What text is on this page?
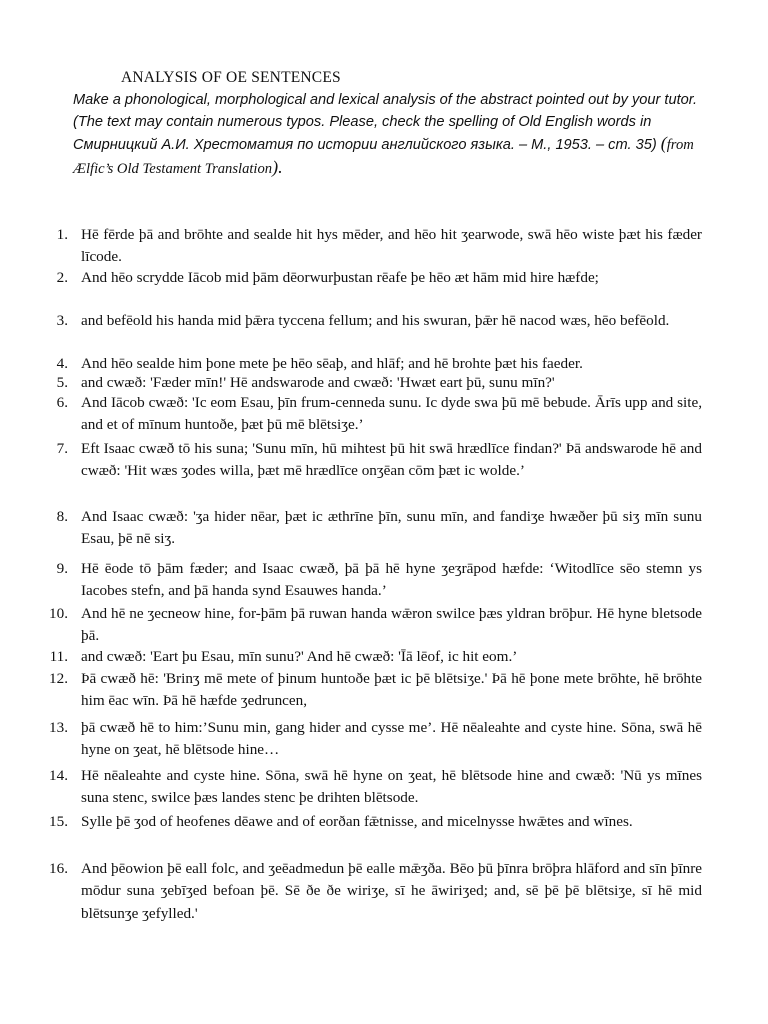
ANALYSIS OF OE SENTENCES

Make a phonological, morphological and lexical analysis of the abstract pointed out by your tutor. (The text may contain numerous typos. Please, check the spelling of Old English words in Смирницкий А.И. Хрестоматия по истории английского языка. – М., 1953. – ст. 35) (from Ælfic’s Old Testament Translation).

1. Hē fērde þā and brōhte and sealde hit hys mēder, and hēo hit ʒearwode, swā hēo wiste þæt his fæder līcode.
2. And hēo scrydde Iācob mid þām dēorwurþustan rēafe þe hēo æt hām mid hire hæfde;
3. and befēold his handa mid þǣra tyccena fellum; and his swuran, þǣr hē nacod wæs, hēo befēold.
4. And hēo sealde him þone mete þe hēo sēaþ, and hlāf; and hē brohte þæt his faeder.
5. and cwæð: 'Fæder mīn!' Hē andswarode and cwæð: 'Hwæt eart þū, sunu mīn?'
6. And Iācob cwæð: 'Ic eom Esau, þīn frum-cenneda sunu. Ic dyde swa þū mē bebude. Ārīs upp and site, and et of mīnum huntoðe, þæt þū mē blētsiʒe.’
7. Eft Isaac cwæð tō his suna; 'Sunu mīn, hū mihtest þū hit swā hrædlīce findan?' Þā andswarode hē and cwæð: 'Hit wæs ʒodes willa, þæt mē hrædlīce onʒēan cōm þæt ic wolde.’
8. And Isaac cwæð: 'ʒa hider nēar, þæt ic æthrīne þīn, sunu mīn, and fandiʒe hwæðer þū siʒ mīn sunu Esau, þē nē siʒ.
9. Hē ēode tō þām fæder; and Isaac cwæð, þā þā hē hyne ʒeʒrāpod hæfde: ‘Witodlīce sēo stemn ys Iacobes stefn, and þā handa synd Esauwes handa.’
10. And hē ne ʒecneow hine, for-þām þā ruwan handa wǣron swilce þæs yldran brōþur. Hē hyne bletsode þā.
11. and cwæð: 'Eart þu Esau, mīn sunu?' And hē cwæð: 'Īā lēof, ic hit eom.’
12. Þā cwæð hē: 'Brinʒ mē mete of þinum huntoðe þæt ic þē blētsiʒe.' Þā hē þone mete brōhte, hē brōhte him ēac wīn. Þā hē hæfde ʒedruncen,
13. þā cwæð hē to him:’Sunu min, gang hider and cysse me’. Hē nēaleahte and cyste hine. Sōna, swā hē hyne on ʒeat, hē blētsode hine…
14. Hē nēaleahte and cyste hine. Sōna, swā hē hyne on ʒeat, hē blētsode hine and cwæð: 'Nū ys mīnes suna stenc, swilce þæs landes stenc þe drihten blētsode.
15. Sylle þē ʒod of heofenes dēawe and of eorðan fǣtnisse, and micelnysse hwǣtes and wīnes.
16. And þēowion þē eall folc, and ʒeēadmedun þē ealle mǣʒða. Bēo þū þīnra brōþra hlāford and sīn þīnre mōdur suna ʒebīʒed befoan þē. Sē ðe ðe wiriʒe, sī he āwiriʒed; and, sē þē þē blētsiʒe, sī hē mid blētsunʒe ʒefylled.'
